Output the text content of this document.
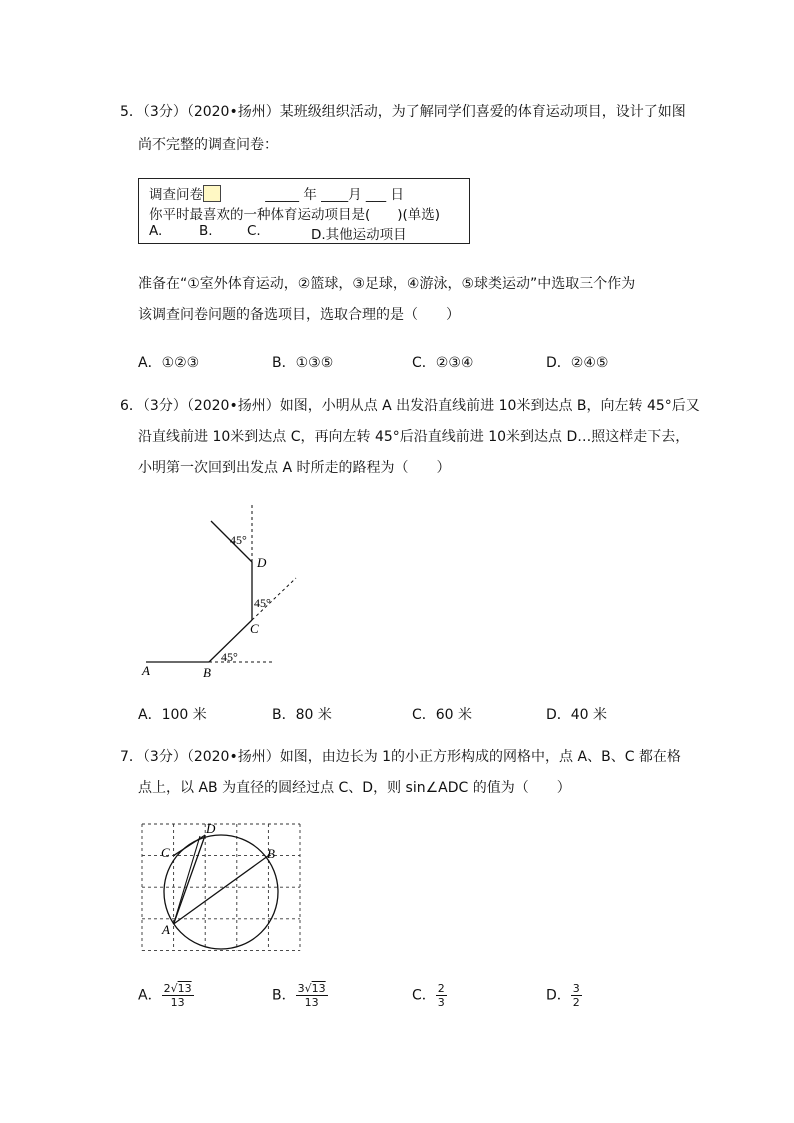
5．（3分）（2020•扬州）某班级组织活动，为了解同学们喜爱的体育运动项目，设计了如图
尚不完整的调查问卷：
调查问卷	_____ 年 ____月 ___ 日
你平时最喜欢的一种体育运动项目是(　　)(单选)
A.	B.	C.	D.其他运动项目
准备在“①室外体育运动，②篮球，③足球，④游泳，⑤球类运动”中选取三个作为
该调查问卷问题的备选项目，选取合理的是（　　）
A．①②③	B．①③⑤	C．②③④	D．②④⑤
6．（3分）（2020•扬州）如图，小明从点 A 出发沿直线前进 10米到达点 B，向左转 45°后又
沿直线前进 10米到达点 C，再向左转 45°后沿直线前进 10米到达点 D…照这样走下去，
小明第一次回到出发点 A 时所走的路程为（　　）
A	B
C
D
45°
45°
45°
A．100 米	B．80 米	C．60 米	D．40 米
7．（3分）（2020•扬州）如图，由边长为 1的小正方形构成的网格中，点 A、B、C 都在格
点上，以 AB 为直径的圆经过点 C、D，则 sin∠ADC 的值为（　　）
A
B
C
D
A． $\frac{2√13}{13}$	B． $\frac{3√13}{13}$	C． $\frac{2}{3}$	D． $\frac{3}{2}$
